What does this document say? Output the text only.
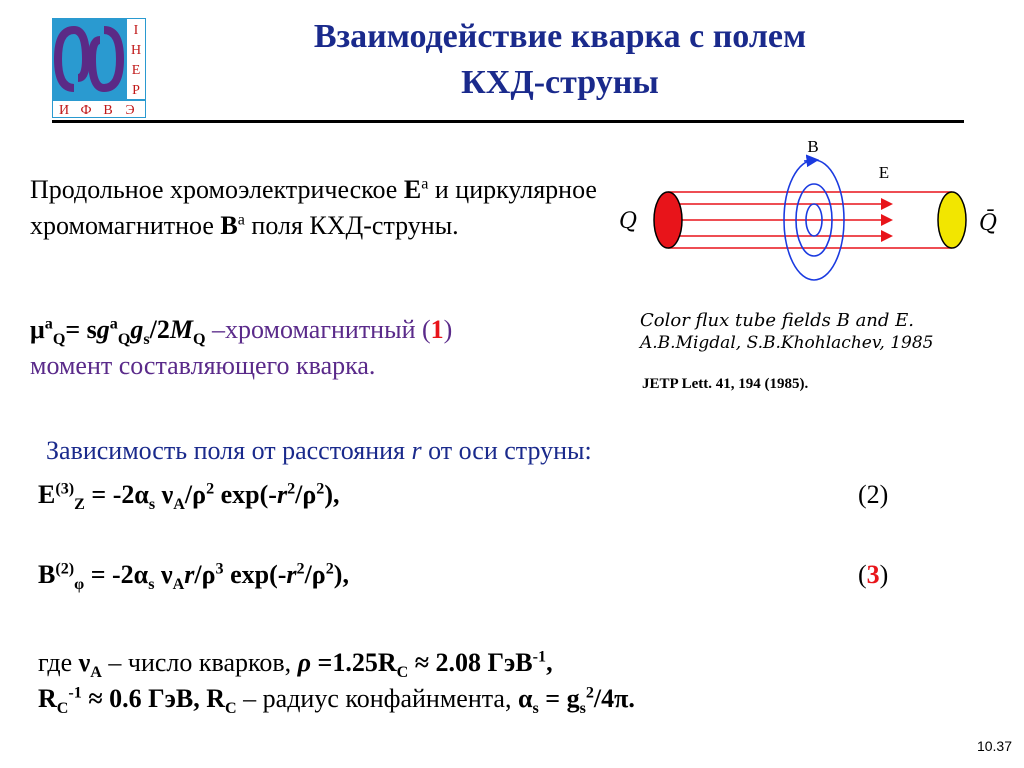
I
H
E
P
И Ф В Э
Взаимодействие кварка с полем
КХД-струны
Продольное хромоэлектрическое $E^a$ и циркулярное хромомагнитное $B^a$ поля КХД-струны.
$\mu^a_Q= sg^a_Qg_s/2M_Q$ –хромомагнитный (1)
момент составляющего кварка.
B
E
Q	Q̄
Color flux tube fields B and E.
A.B.Migdal, S.B.Khohlachev, 1985
JETP Lett. 41, 194 (1985).
Зависимость поля от расстояния r от оси струны:
$E^{(3)}_Z = -2\alpha_s$ $\nu_A/\rho^2$ $\exp(-r^2/\rho^2)$,	(2)
$B^{(2)}_\varphi = -2\alpha_s$ $\nu_Ar/\rho^3$ $\exp(-r^2/\rho^2)$,	(3)
где $\nu_A$ – число кварков, $\rho =1.25R_C \approx 2.08$ ГэВ$^{-1}$,
$R_C^{-1} \approx 0.6$ ГэВ, $R_C$ – радиус конфайнмента, $\alpha_s = g_s^2/4\pi$.
10.37
